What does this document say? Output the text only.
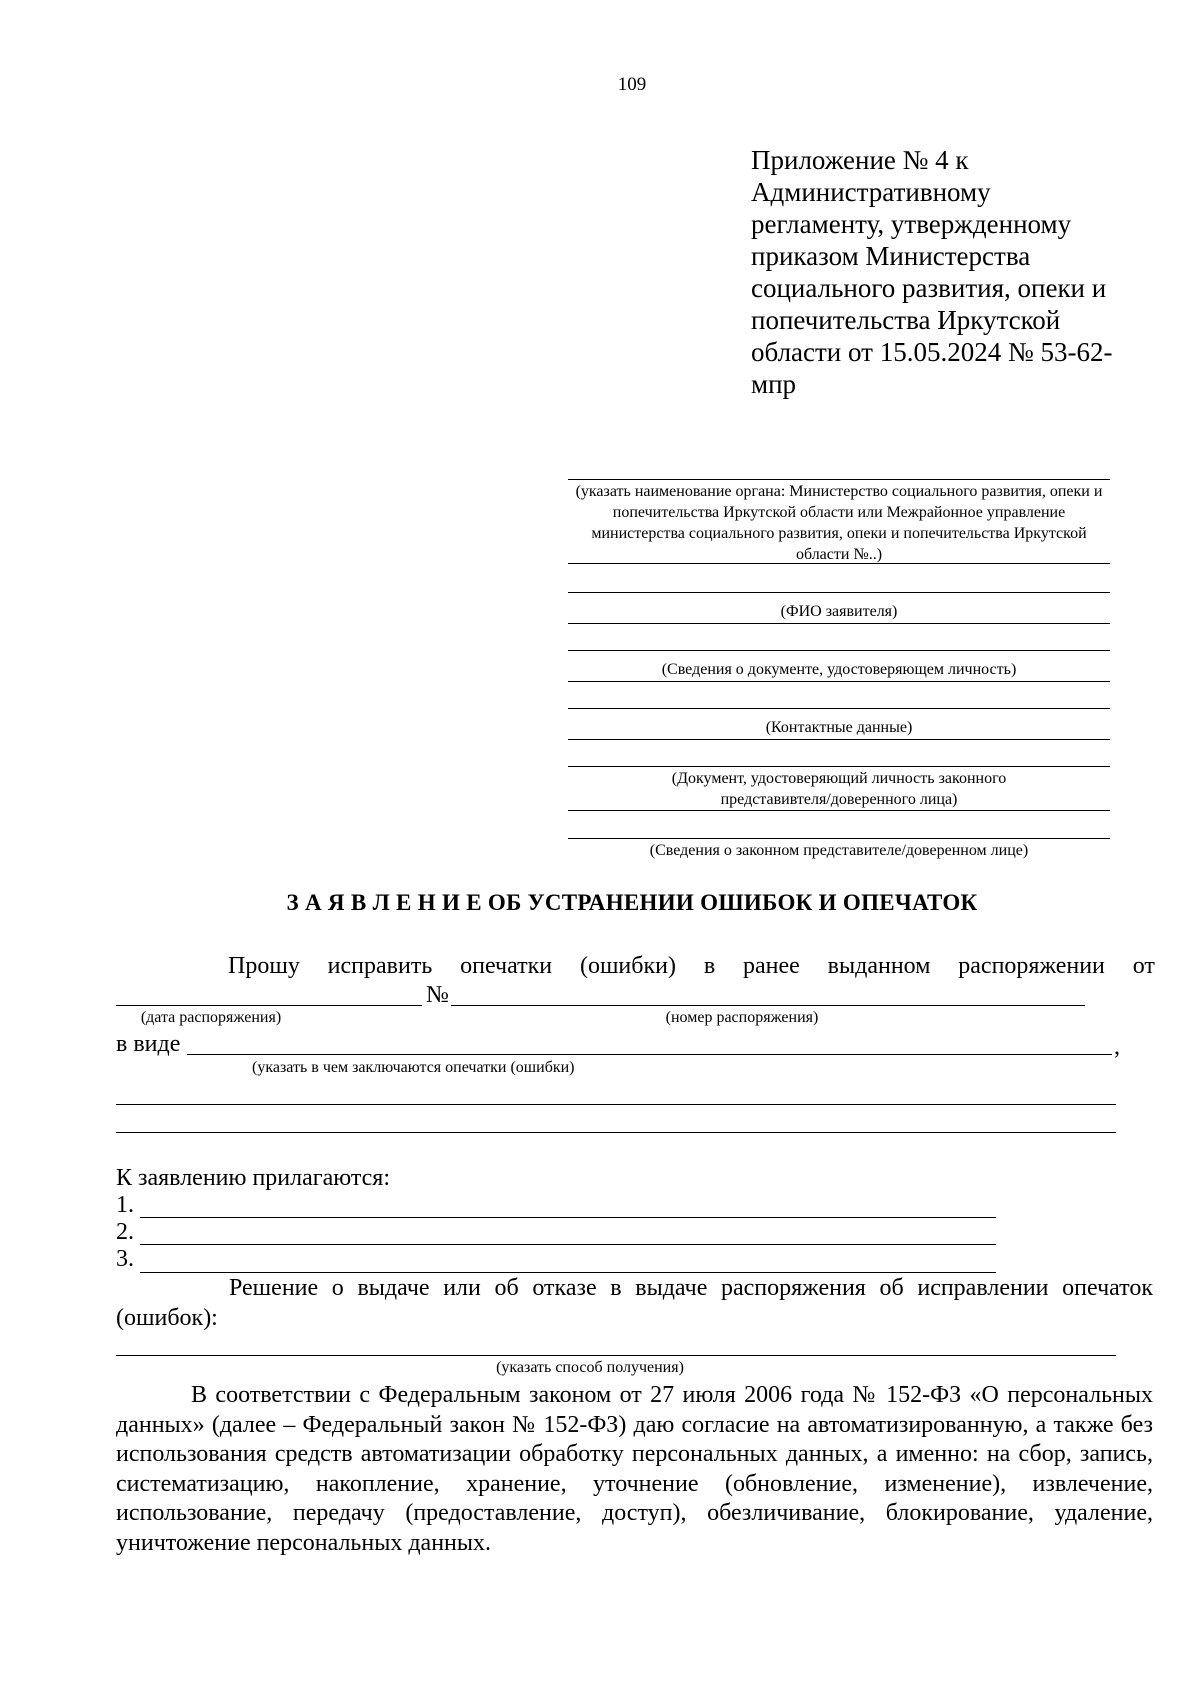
109
Приложение № 4 к
Административному
регламенту, утвержденному
приказом Министерства
социального развития, опеки и
попечительства Иркутской
области от 15.05.2024 № 53-62-
мпр
(указать наименование органа: Министерство социального развития, опеки и попечительства Иркутской области или Межрайонное управление министерства социального развития, опеки и попечительства Иркутской области №..)
(ФИО заявителя)
(Сведения о документе, удостоверяющем личность)
(Контактные данные)
(Документ, удостоверяющий личность законного представивтеля/доверенного лица)
(Сведения о законном представителе/доверенном лице)
З А Я В Л Е Н И Е ОБ УСТРАНЕНИИ ОШИБОК И ОПЕЧАТОК
Прошу исправить опечатки (ошибки) в ранее выданном распоряжении от
№
(дата распоряжения)	(номер распоряжения)
в виде	,
(указать в чем заключаются опечатки (ошибки)
К заявлению прилагаются:
1.
2.
3.
Решение о выдаче или об отказе в выдаче распоряжения об исправлении опечаток (ошибок):
(указать способ получения)
В соответствии с Федеральным законом от 27 июля 2006 года № 152-ФЗ «О персональных данных» (далее – Федеральный закон № 152-ФЗ) даю согласие на автоматизированную, а также без использования средств автоматизации обработку персональных данных, а именно: на сбор, запись, систематизацию, накопление, хранение, уточнение (обновление, изменение), извлечение, использование, передачу (предоставление, доступ), обезличивание, блокирование, удаление, уничтожение персональных данных.
